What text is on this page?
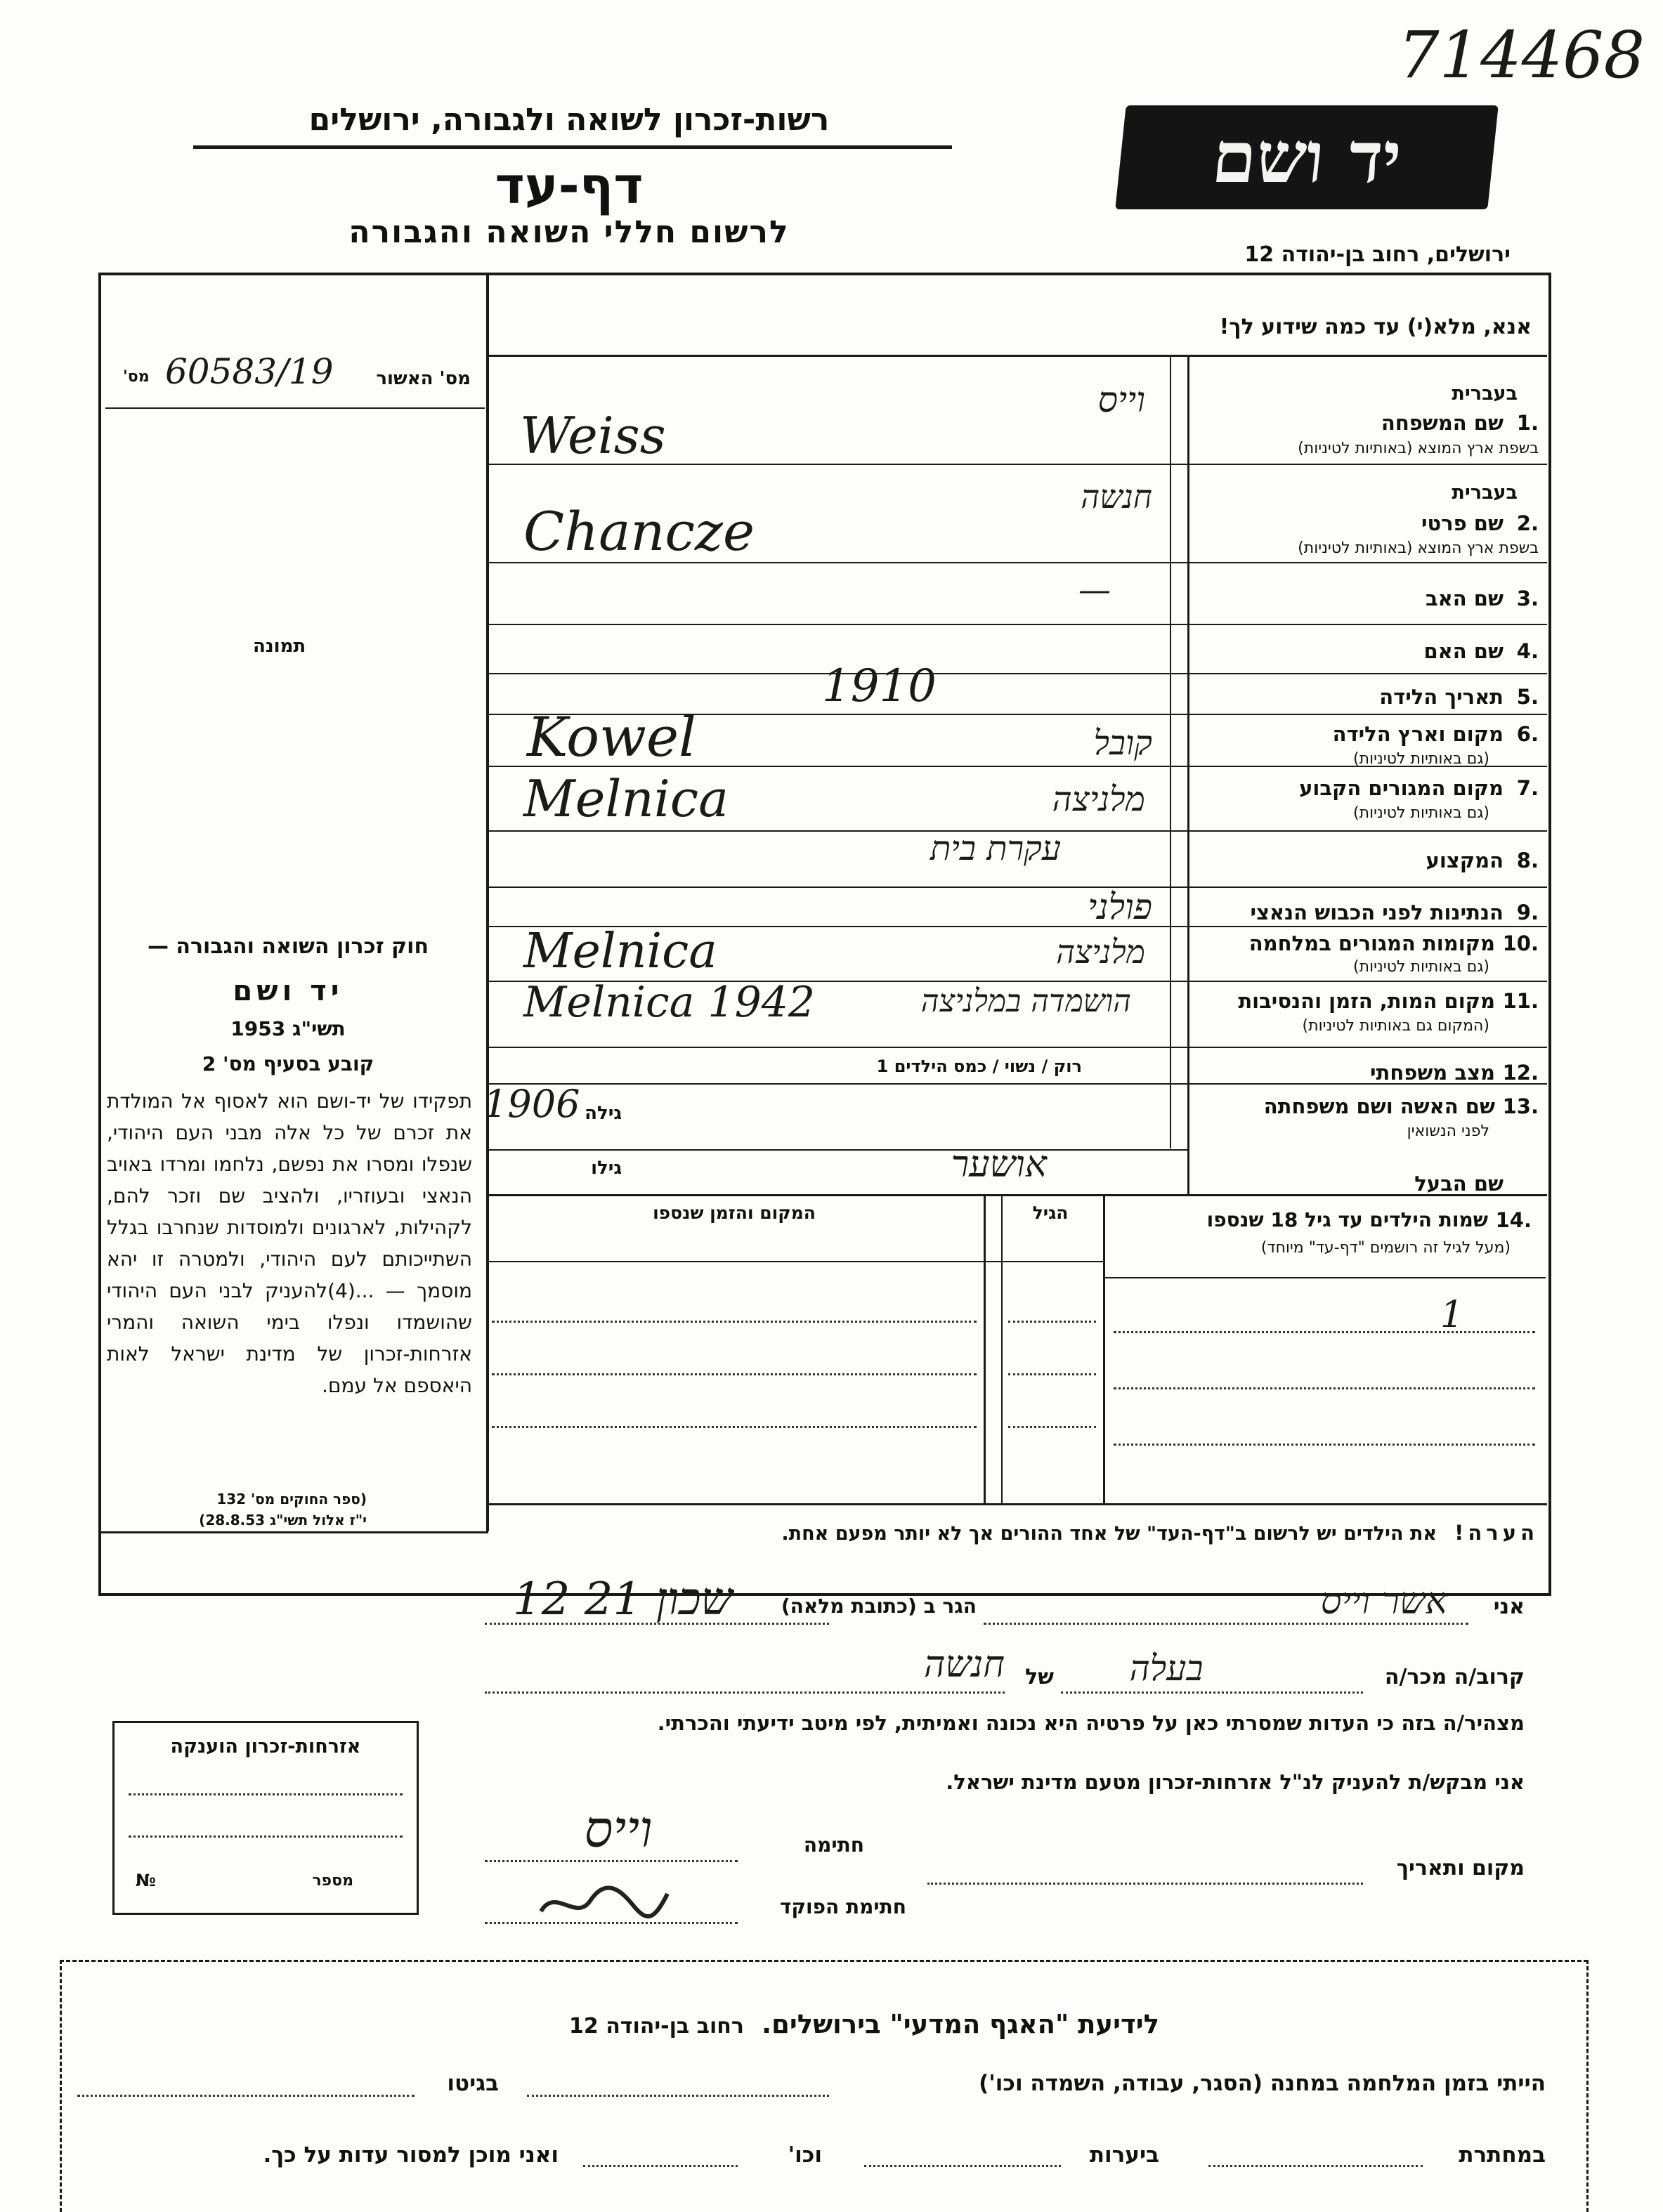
714468
רשות-זכרון לשואה ולגבורה, ירושלים
דף-עד
לרשום חללי השואה והגבורה
יד ושם
ירושלים, רחוב בן-יהודה 12
אנא, מלא(י) עד כמה שידוע לך!
מס' האשור
60583/19
מס'
תמונה
בעברית
1.
שם המשפחה
בשפת ארץ המוצא (באותיות לטיניות)
וייס
Weiss
בעברית
2.
שם פרטי
בשפת ארץ המוצא (באותיות לטיניות)
חנשה
Chancze
3.
שם האב
—
4.
שם האם
5.
תאריך הלידה
1910
6.
מקום וארץ הלידה
(גם באותיות לטיניות)
קובל
Kowel
7.
מקום המגורים הקבוע
(גם באותיות לטיניות)
מלניצה
Melnica
8.
המקצוע
עקרת בית
9.
הנתינות לפני הכבוש הנאצי
פולני
10.
מקומות המגורים במלחמה
(גם באותיות לטיניות)
מלניצה
Melnica
11.
מקום המות, הזמן והנסיבות
(המקום גם באותיות לטיניות)
הושמדה במלניצה
Melnica 1942
12.
מצב משפחתי
רוק / נשוי / כמס הילדים 1
13.
שם האשה ושם משפחתה
לפני הנשואין
גילה
1906
שם הבעל
אושער
גילו
14.
שמות הילדים עד גיל 18 שנספו
(מעל לגיל זה רושמים "דף-עד" מיוחד)
הגיל
המקום והזמן שנספו
1
הערה! את הילדים יש לרשום ב"דף-העד" של אחד ההורים אך לא יותר מפעם אחת.
חוק זכרון השואה והגבורה —
יד ושם
תשי"ג 1953
קובע בסעיף מס' 2
תפקידו של יד-ושם הוא לאסוף אל המולדת את זכרם של כל אלה מבני העם היהודי, שנפלו ומסרו את נפשם, נלחמו ומרדו באויב הנאצי ובעוזריו, ולהציב שם וזכר להם, לקהילות, לארגונים ולמוסדות שנחרבו בגלל השתייכותם לעם היהודי, ולמטרה זו יהא מוסמך — ...(4)להעניק לבני העם היהודי שהושמדו ונפלו בימי השואה והמרי אזרחות-זכרון של מדינת ישראל לאות היאספם אל עמם.
(ספר החוקים מס' 132
י"ז אלול תשי"ג 28.8.53)
אני
אשר וייס
הגר ב (כתובת מלאה)
12 21 שכון
קרוב/ה מכר/ה
בעלה
של
חנשה
מצהיר/ה בזה כי העדות שמסרתי כאן על פרטיה היא נכונה ואמיתית, לפי מיטב ידיעתי והכרתי.
אני מבקש/ת להעניק לנ"ל אזרחות-זכרון מטעם מדינת ישראל.
מקום ותאריך
חתימה
וייס
חתימת הפוקד
אזרחות-זכרון הוענקה
מספר
№
לידיעת "האגף המדעי" בירושלים. רחוב בן-יהודה 12
הייתי בזמן המלחמה במחנה (הסגר, עבודה, השמדה וכו')
בגיטו
במחתרת
ביערות
וכו'
ואני מוכן למסור עדות על כך.
